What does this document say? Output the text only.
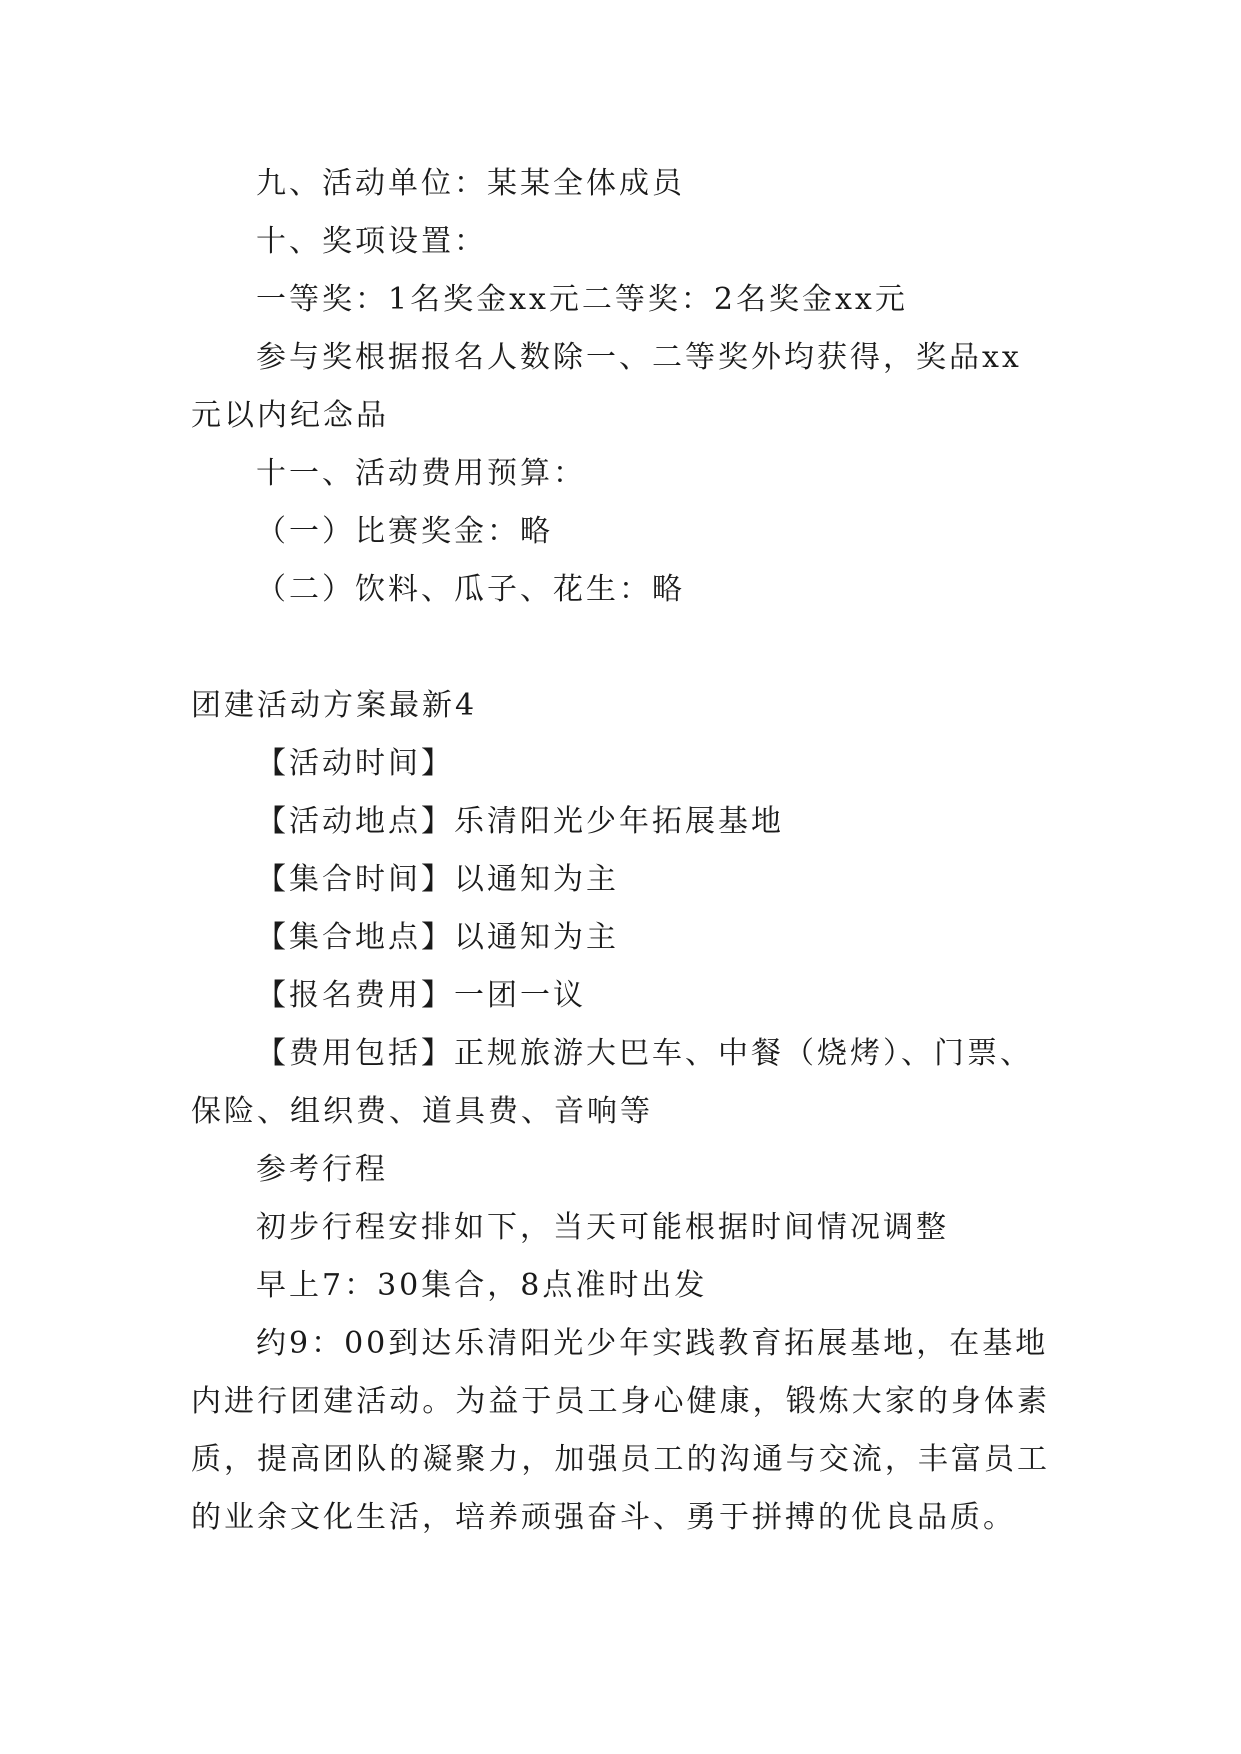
九、活动单位：某某全体成员
十、奖项设置：
一等奖：1名奖金xx元二等奖：2名奖金xx元
参与奖根据报名人数除一、二等奖外均获得，奖品xx
元以内纪念品
十一、活动费用预算：
（一）比赛奖金：略
（二）饮料、瓜子、花生：略
团建活动方案最新4
【活动时间】
【活动地点】乐清阳光少年拓展基地
【集合时间】以通知为主
【集合地点】以通知为主
【报名费用】一团一议
【费用包括】正规旅游大巴车、中餐（烧烤）、门票、
保险、组织费、道具费、音响等
参考行程
初步行程安排如下，当天可能根据时间情况调整
早上7：30集合，8点准时出发
约9：00到达乐清阳光少年实践教育拓展基地，在基地
内进行团建活动。为益于员工身心健康，锻炼大家的身体素
质，提高团队的凝聚力，加强员工的沟通与交流，丰富员工
的业余文化生活，培养顽强奋斗、勇于拼搏的优良品质。
